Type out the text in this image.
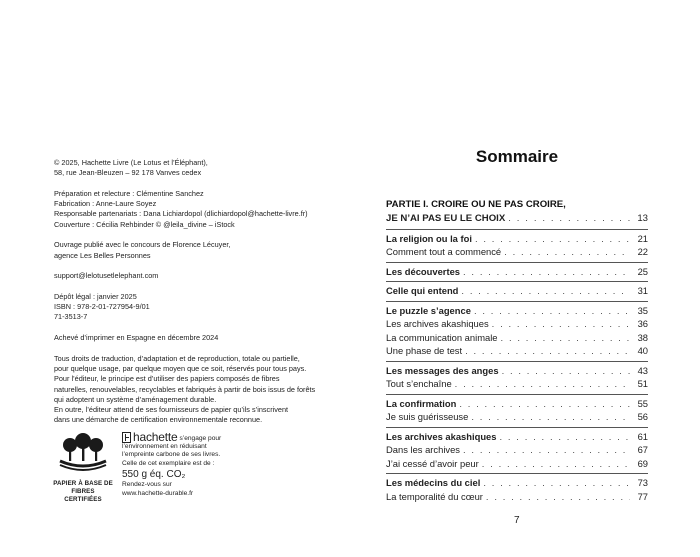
© 2025, Hachette Livre (Le Lotus et l’Éléphant),
58, rue Jean-Bleuzen – 92 178 Vanves cedex

Préparation et relecture : Clémentine Sanchez
Fabrication : Anne-Laure Soyez
Responsable partenariats : Dana Lichiardopol (dlichiardopol@hachette-livre.fr)
Couverture : Cécilia Rehbinder © @leila_divine – iStock

Ouvrage publié avec le concours de Florence Lécuyer,
agence Les Belles Personnes

support@lelotusetlelephant.com

Dépôt légal : janvier 2025
ISBN : 978-2-01-727954-9/01
71-3513-7

Achevé d’imprimer en Espagne en décembre 2024

Tous droits de traduction, d’adaptation et de reproduction, totale ou partielle,
pour quelque usage, par quelque moyen que ce soit, réservés pour tous pays.
Pour l’éditeur, le principe est d’utiliser des papiers composés de fibres
naturelles, renouvelables, recyclables et fabriqués à partir de bois issus de forêts
qui adoptent un système d’aménagement durable.
En outre, l’éditeur attend de ses fournisseurs de papier qu’ils s’inscrivent
dans une démarche de certification environnementale reconnue.

PAPIER À BASE DE
FIBRES CERTIFIÉES
hachette s’engage pour
l’environnement en réduisant
l’empreinte carbone de ses livres.
Celle de cet exemplaire est de :
550 g éq. CO₂
Rendez-vous sur
www.hachette-durable.fr
Sommaire
PARTIE I. CROIRE OU NE PAS CROIRE,
JE N’AI PAS EU LE CHOIX . . .	13
La religion ou la foi . . .	21
Comment tout a commencé . . .	22
Les découvertes . . .	25
Celle qui entend . . .	31
Le puzzle s’agence . . .	35
Les archives akashiques . . .	36
La communication animale . . .	38
Une phase de test . . .	40
Les messages des anges . . .	43
Tout s’enchaîne . . .	51
La confirmation . . .	55
Je suis guérisseuse . . .	56
Les archives akashiques . . .	61
Dans les archives . . .	67
J’ai cessé d’avoir peur . . .	69
Les médecins du ciel . . .	73
La temporalité du cœur . . .	77
7
